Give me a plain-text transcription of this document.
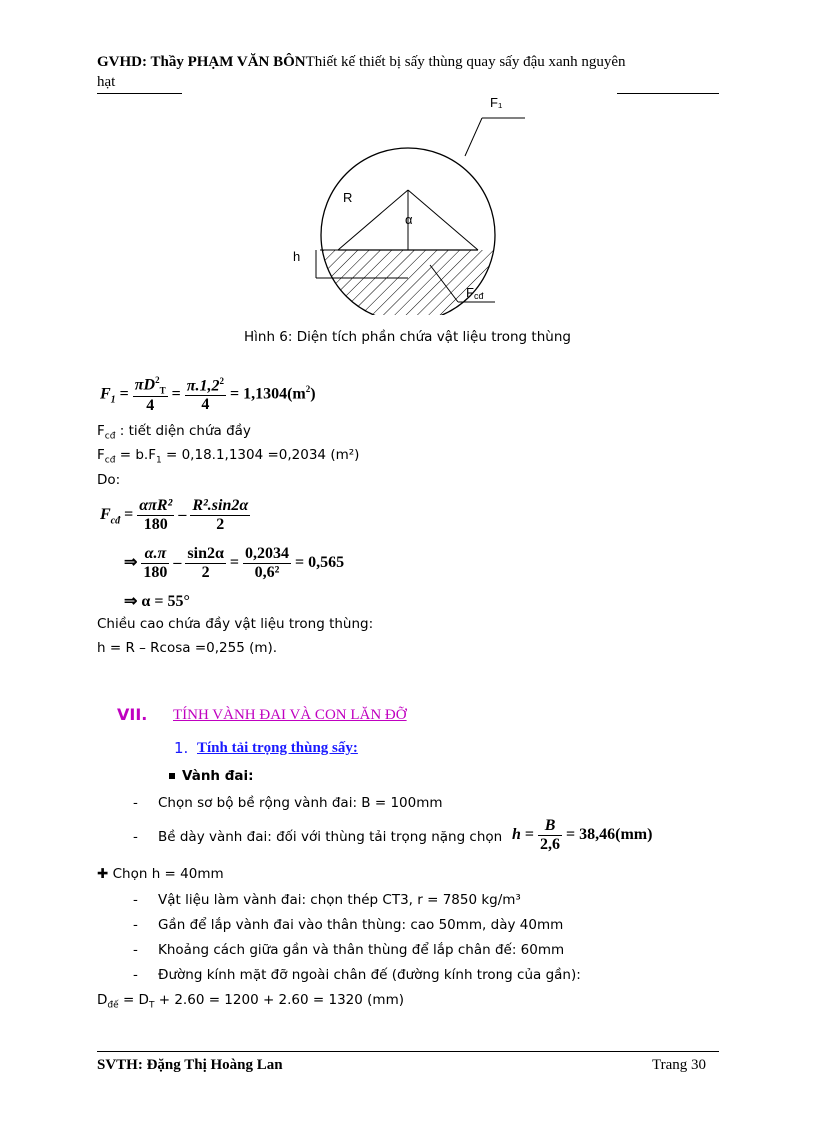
GVHD: Thầy PHẠM VĂN BÔNThiết kế thiết bị sấy thùng quay sấy đậu xanh nguyên
hạt
F₁
R
α
h
Fcđ
Hình 6: Diện tích phần chứa vật liệu trong thùng
$F_1 = \frac{\pi D^2_T}{4} = \frac{\pi.1,2^2}{4} = 1,1304(m^2)$
$F_{cđ}$ : tiết diện chứa đầy
$F_{cđ} = b.F_1 = 0,18.1,1304 =0,2034$ (m²)
Do:
$F_{cđ} = \frac{\text{απR²}}{180} - \frac{\text{R².sin2α}}{2}$
⇒ $\frac{\alpha.\pi}{180} - \frac{\sin 2\alpha}{2} = \frac{0,2034}{\text{0,6²}} = 0,565$
⇒ α = 55°
Chiều cao chứa đầy vật liệu trong thùng:
h = R – Rcosa =0,255 (m).
VII. TÍNH VÀNH ĐAI VÀ CON LĂN ĐỠ
1. Tính tải trọng thùng sấy:
Vành đai:
- Chọn sơ bộ bề rộng vành đai: B = 100mm
- Bề dày vành đai: đối với thùng tải trọng nặng chọn $h = \frac{B}{2,6} = 38,46(mm)$
✚ Chọn h = 40mm
- Vật liệu làm vành đai: chọn thép CT3, r = 7850 kg/m³
- Gần để lắp vành đai vào thân thùng: cao 50mm, dày 40mm
- Khoảng cách giữa gần và thân thùng để lắp chân đế: 60mm
- Đường kính mặt đỡ ngoài chân đế (đường kính trong của gần):
$D_{đế} = D_T + 2.60 = 1200 + 2.60 = 1320$ (mm)
SVTH: Đặng Thị Hoàng Lan	Trang 30
